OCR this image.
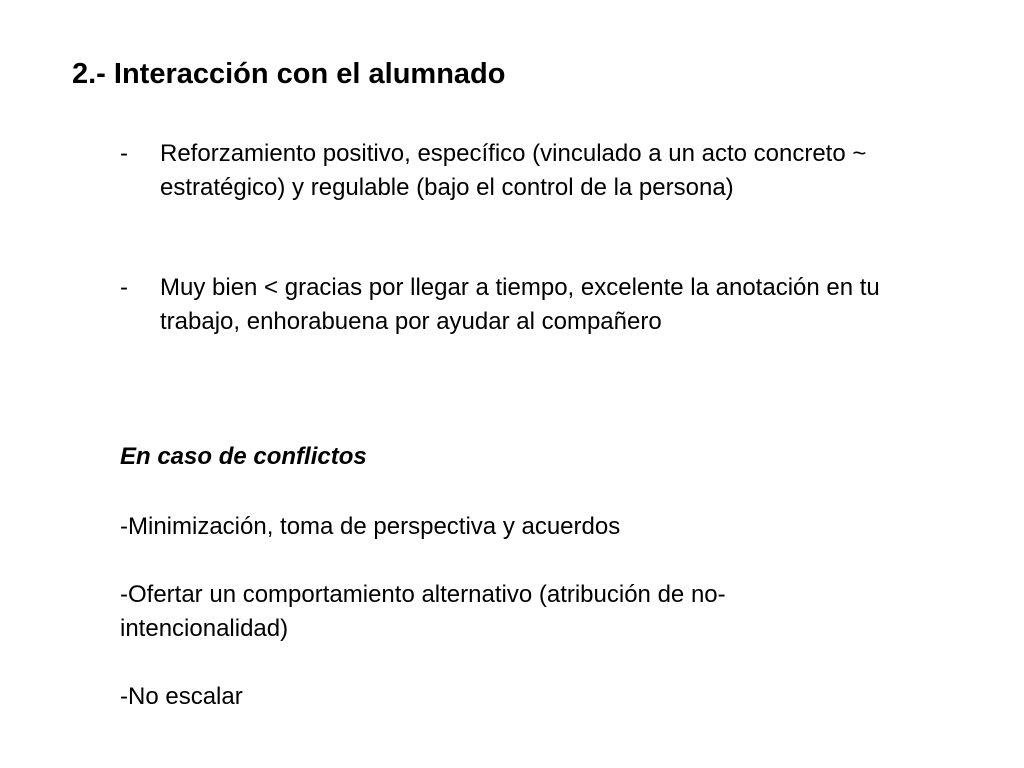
2.- Interacción con el alumnado
- Reforzamiento positivo, específico (vinculado a un acto concreto ~ estratégico) y regulable (bajo el control de la persona)
- Muy bien < gracias por llegar a tiempo, excelente la anotación en tu trabajo, enhorabuena por ayudar al compañero
En caso de conflictos
-Minimización, toma de perspectiva y acuerdos
-Ofertar un comportamiento alternativo (atribución de no-intencionalidad)
-No escalar
